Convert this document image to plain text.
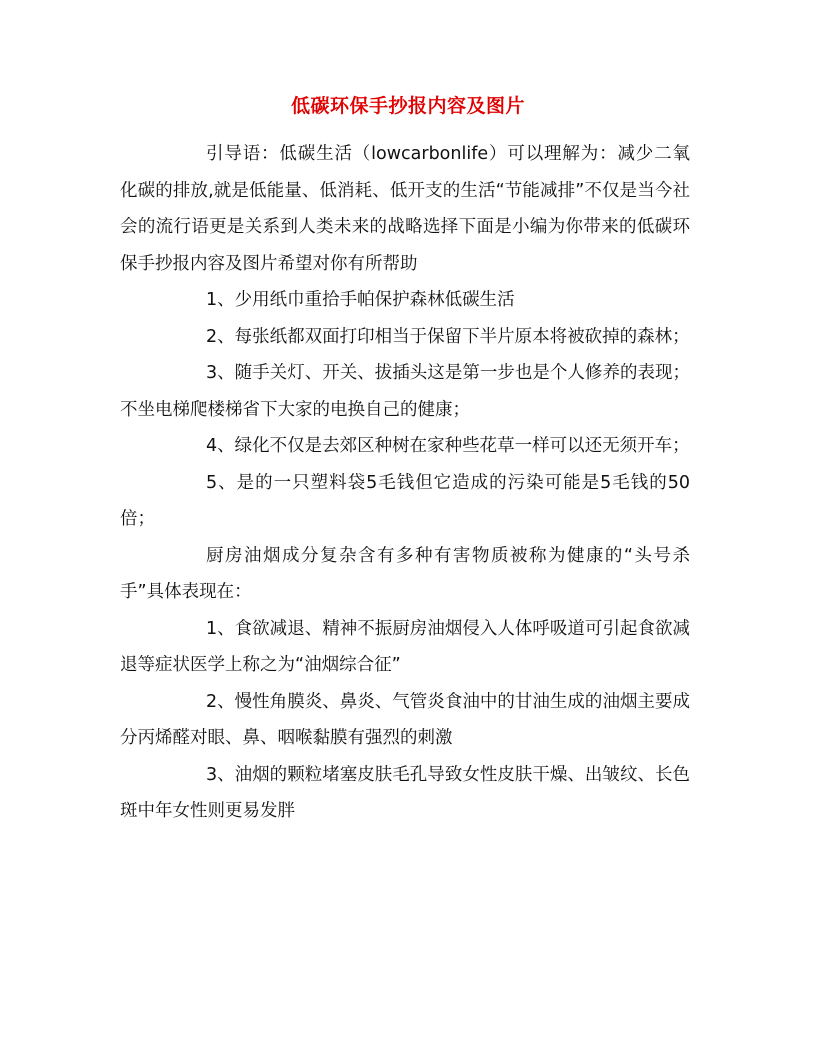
低碳环保手抄报内容及图片

引导语：低碳生活（lowcarbonlife）可以理解为：减少二氧化碳的排放,就是低能量、低消耗、低开支的生活“节能减排”不仅是当今社会的流行语更是关系到人类未来的战略选择下面是小编为你带来的低碳环保手抄报内容及图片希望对你有所帮助

1、少用纸巾重拾手帕保护森林低碳生活

2、每张纸都双面打印相当于保留下半片原本将被砍掉的森林；

3、随手关灯、开关、拔插头这是第一步也是个人修养的表现；不坐电梯爬楼梯省下大家的电换自己的健康；

4、绿化不仅是去郊区种树在家种些花草一样可以还无须开车；

5、是的一只塑料袋5毛钱但它造成的污染可能是5毛钱的50倍；

厨房油烟成分复杂含有多种有害物质被称为健康的“头号杀手”具体表现在：

1、食欲减退、精神不振厨房油烟侵入人体呼吸道可引起食欲减退等症状医学上称之为“油烟综合征”

2、慢性角膜炎、鼻炎、气管炎食油中的甘油生成的油烟主要成分丙烯醛对眼、鼻、咽喉黏膜有强烈的刺激

3、油烟的颗粒堵塞皮肤毛孔导致女性皮肤干燥、出皱纹、长色斑中年女性则更易发胖
